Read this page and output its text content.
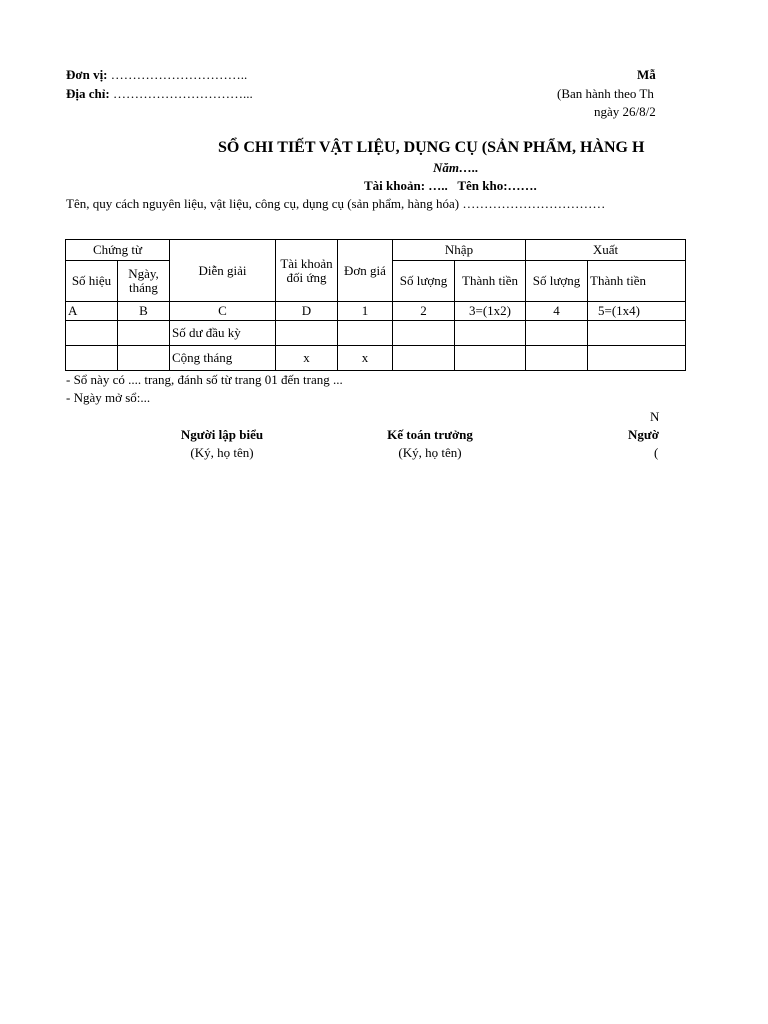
Đơn vị: …………………………..
Địa chỉ: …………………………...
Mẫ
(Ban hành theo Th
ngày 26/8/2
SỔ CHI TIẾT VẬT LIỆU, DỤNG CỤ (SẢN PHẨM, HÀNG H
Năm…..
Tài khoản: …..   Tên kho:…….
Tên, quy cách nguyên liệu, vật liệu, công cụ, dụng cụ (sản phẩm, hàng hóa) ……………………………
Chứng từ		Diễn giải	Tài khoản đối ứng	Đơn giá	Nhập		Xuất	
Số hiệu	Ngày, tháng				Số lượng	Thành tiền	Số lượng	Thành tiền
A	B	C	D	1	2	3=(1x2)	4	5=(1x4)
		Số dư đầu kỳ						
		Cộng tháng	x	x				
- Sổ này có .... trang, đánh số từ trang 01 đến trang ...
- Ngày mở sổ:...
N
Người lập biểu
(Ký, họ tên)
Kế toán trưởng
(Ký, họ tên)
Ngườ
(
